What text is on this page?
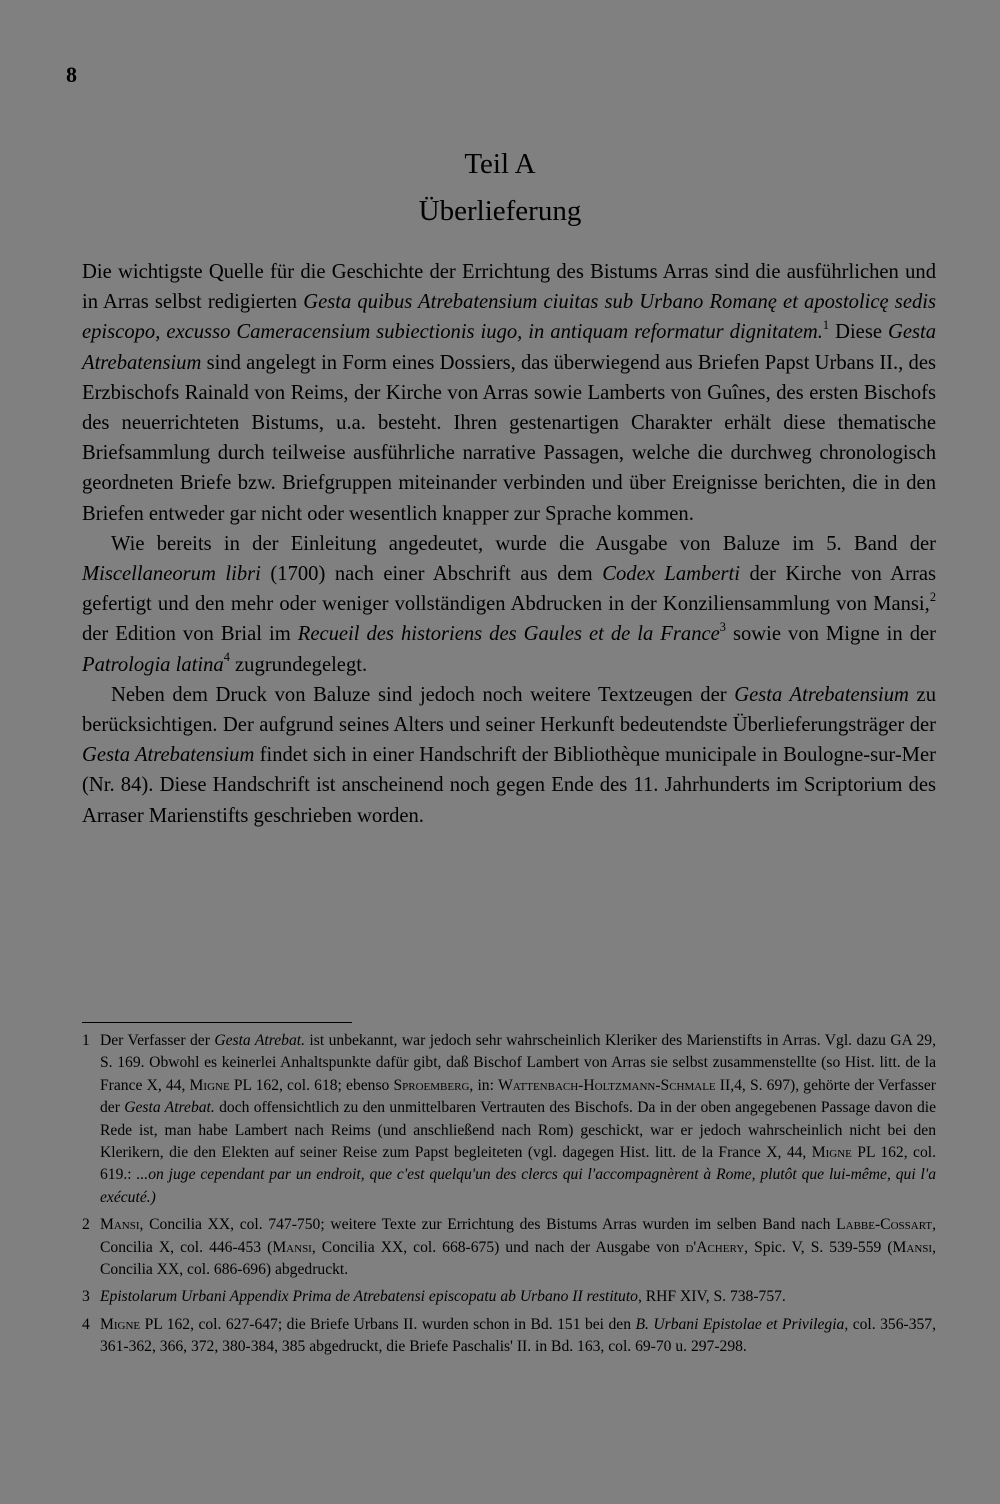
8
Teil A
Überlieferung

Die wichtigste Quelle für die Geschichte der Errichtung des Bistums Arras sind die ausführlichen und in Arras selbst redigierten Gesta quibus Atrebatensium ciuitas sub Urbano Romanę et apostolicę sedis episcopo, excusso Cameracensium subiectionis iugo, in antiquam reformatur dignitatem.$^1$ Diese Gesta Atrebatensium sind angelegt in Form eines Dossiers, das überwiegend aus Briefen Papst Urbans II., des Erzbischofs Rainald von Reims, der Kirche von Arras sowie Lamberts von Guînes, des ersten Bischofs des neuerrichteten Bistums, u.a. besteht. Ihren gestenartigen Charakter erhält diese thematische Briefsammlung durch teilweise ausführliche narrative Passagen, welche die durchweg chronologisch geordneten Briefe bzw. Briefgruppen miteinander verbinden und über Ereignisse berichten, die in den Briefen entweder gar nicht oder wesentlich knapper zur Sprache kommen.

Wie bereits in der Einleitung angedeutet, wurde die Ausgabe von Baluze im 5. Band der Miscellaneorum libri (1700) nach einer Abschrift aus dem Codex Lamberti der Kirche von Arras gefertigt und den mehr oder weniger vollständigen Abdrucken in der Konziliensammlung von Mansi,$^2$ der Edition von Brial im Recueil des historiens des Gaules et de la France$^3$ sowie von Migne in der Patrologia latina$^4$ zugrundegelegt.

Neben dem Druck von Baluze sind jedoch noch weitere Textzeugen der Gesta Atrebatensium zu berücksichtigen. Der aufgrund seines Alters und seiner Herkunft bedeutendste Überlieferungsträger der Gesta Atrebatensium findet sich in einer Handschrift der Bibliothèque municipale in Boulogne-sur-Mer (Nr. 84). Diese Handschrift ist anscheinend noch gegen Ende des 11. Jahrhunderts im Scriptorium des Arraser Marienstifts geschrieben worden.

1 Der Verfasser der Gesta Atrebat. ist unbekannt, war jedoch sehr wahrscheinlich Kleriker des Marienstifts in Arras. Vgl. dazu GA 29, S. 169. Obwohl es keinerlei Anhaltspunkte dafür gibt, daß Bischof Lambert von Arras sie selbst zusammenstellte (so Hist. litt. de la France X, 44, Migne PL 162, col. 618; ebenso Sproemberg, in: Wattenbach-Holtzmann-Schmale II,4, S. 697), gehörte der Verfasser der Gesta Atrebat. doch offensichtlich zu den unmittelbaren Vertrauten des Bischofs. Da in der oben angegebenen Passage davon die Rede ist, man habe Lambert nach Reims (und anschließend nach Rom) geschickt, war er jedoch wahrscheinlich nicht bei den Klerikern, die den Elekten auf seiner Reise zum Papst begleiteten (vgl. dagegen Hist. litt. de la France X, 44, Migne PL 162, col. 619.: ...on juge cependant par un endroit, que c'est quelqu'un des clercs qui l'accompagnèrent à Rome, plutôt que lui-même, qui l'a exécuté.)
2 Mansi, Concilia XX, col. 747-750; weitere Texte zur Errichtung des Bistums Arras wurden im selben Band nach Labbe-Cossart, Concilia X, col. 446-453 (Mansi, Concilia XX, col. 668-675) und nach der Ausgabe von d'Achery, Spic. V, S. 539-559 (Mansi, Concilia XX, col. 686-696) abgedruckt.
3 Epistolarum Urbani Appendix Prima de Atrebatensi episcopatu ab Urbano II restituto, RHF XIV, S. 738-757.
4 Migne PL 162, col. 627-647; die Briefe Urbans II. wurden schon in Bd. 151 bei den B. Urbani Epistolae et Privilegia, col. 356-357, 361-362, 366, 372, 380-384, 385 abgedruckt, die Briefe Paschalis' II. in Bd. 163, col. 69-70 u. 297-298.
